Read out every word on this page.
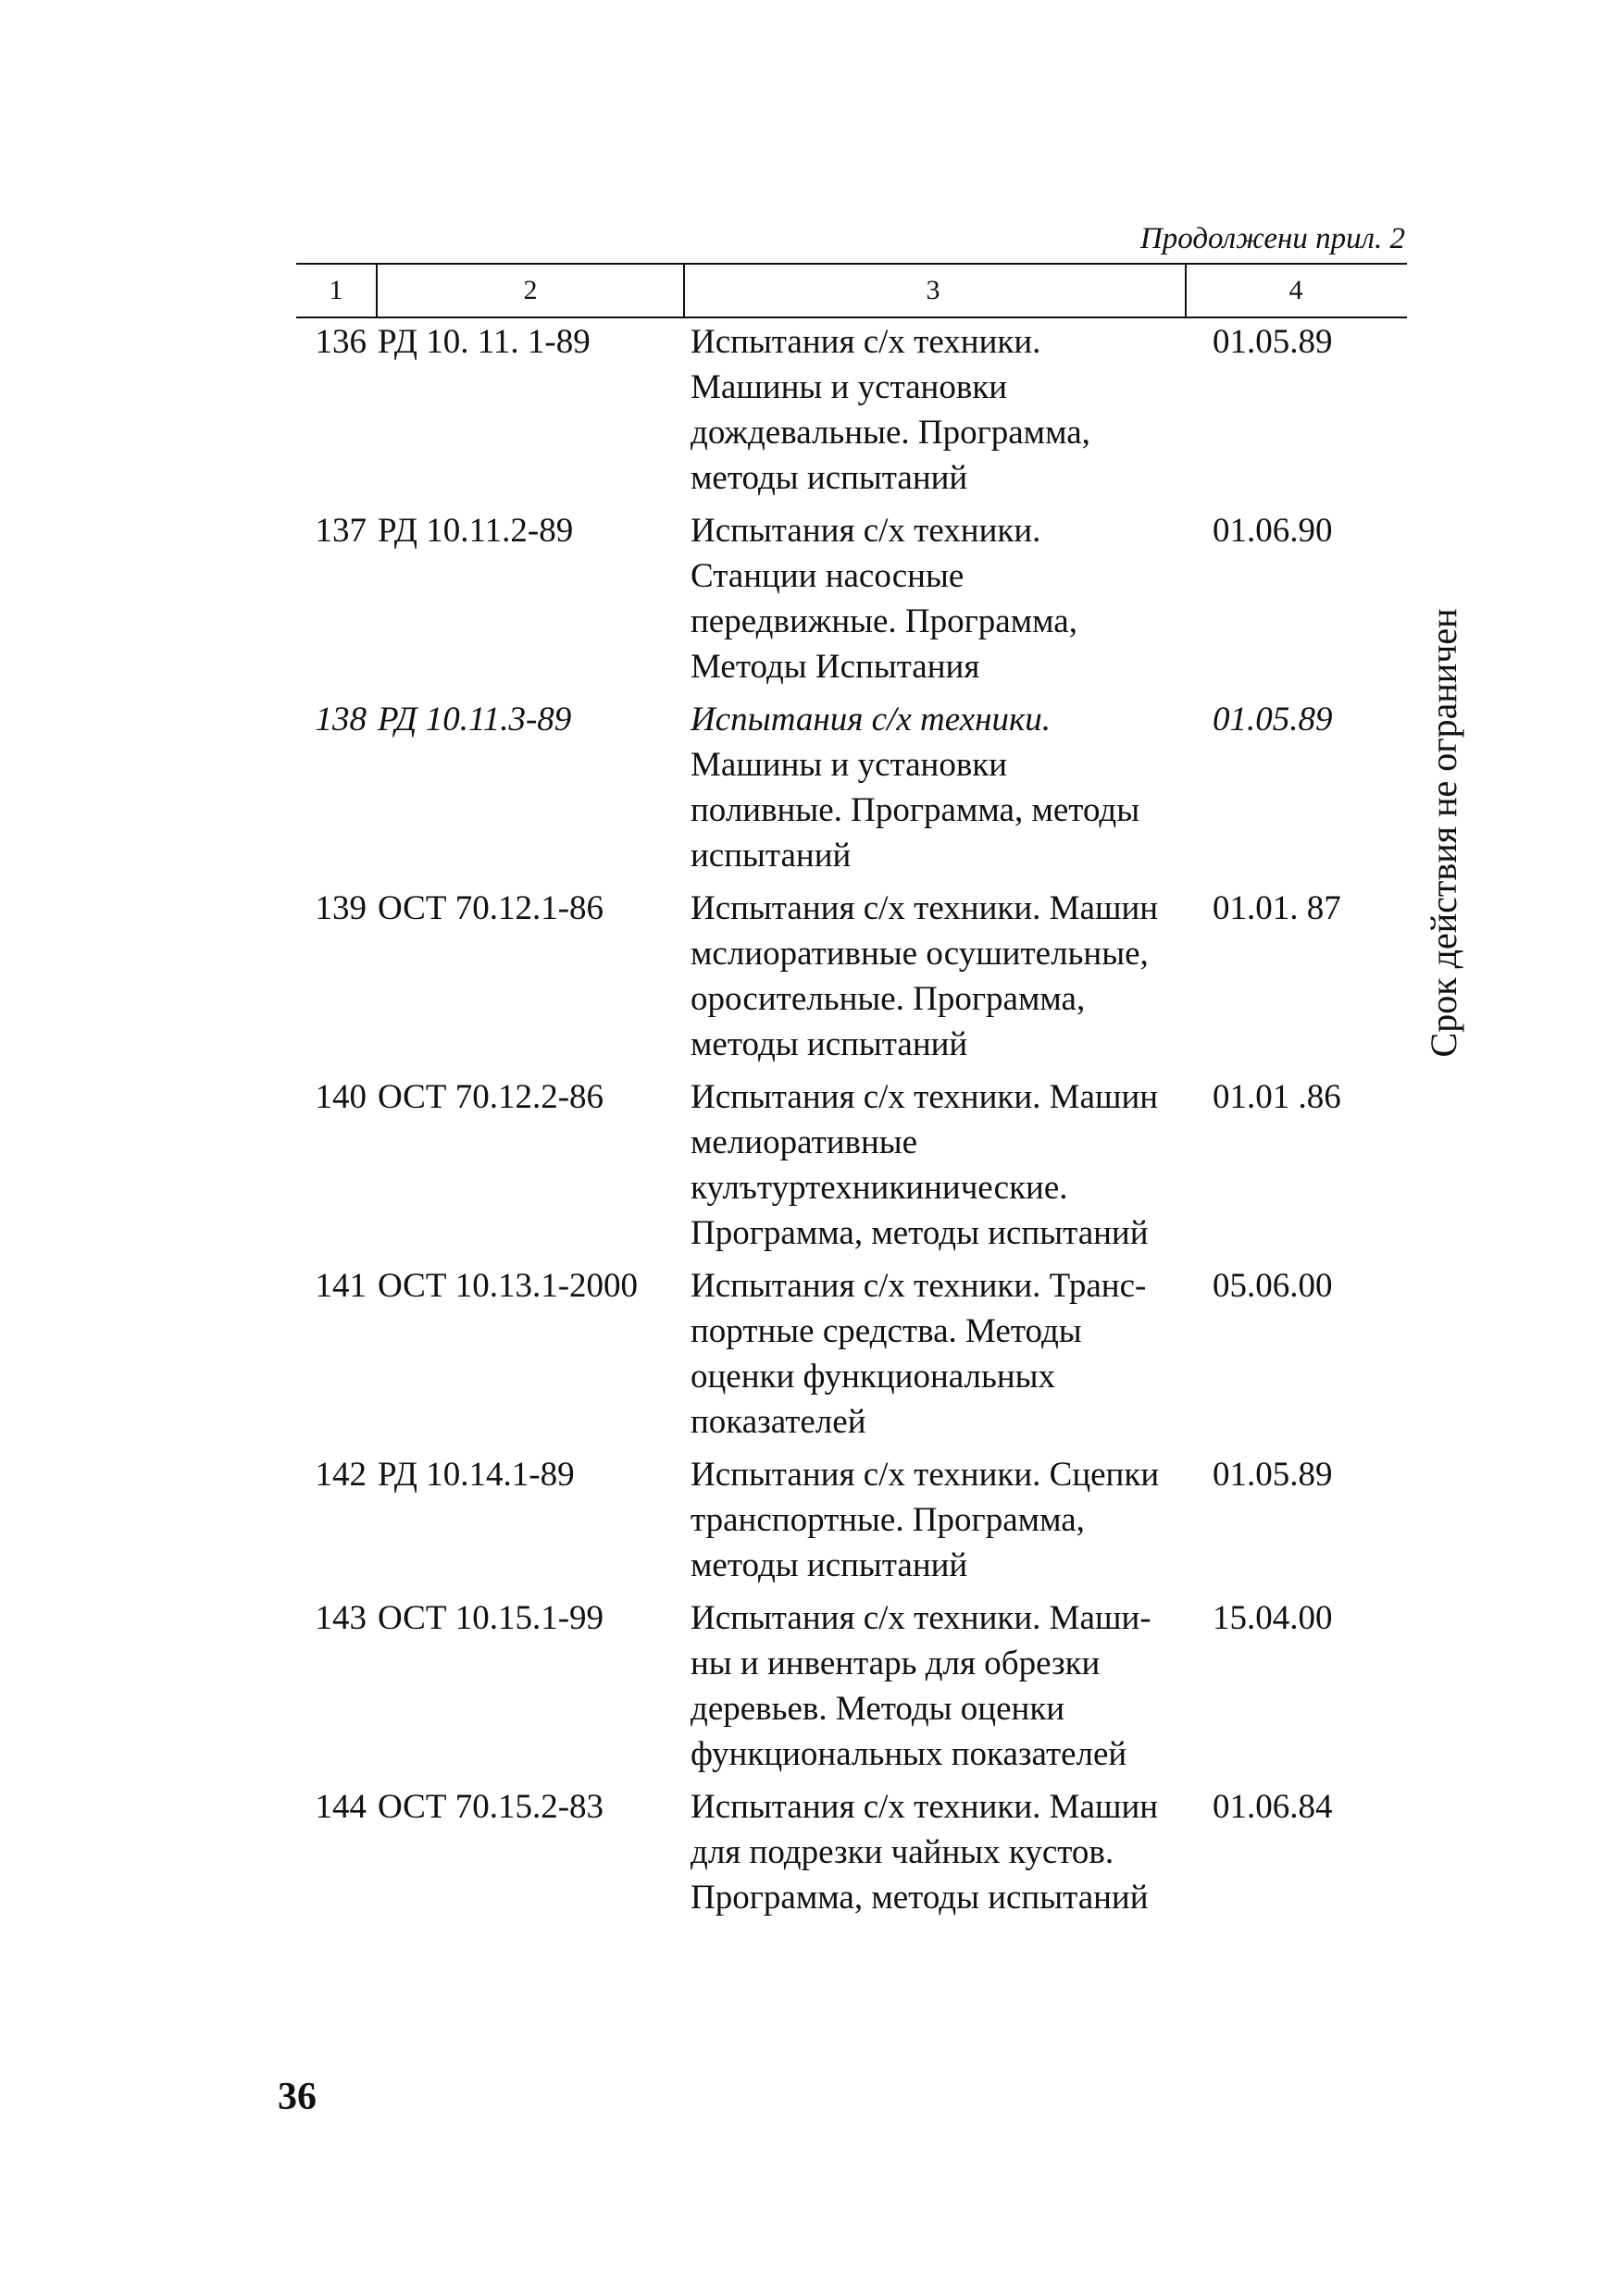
Продолжени прил. 2
1	2	3	4
136 РД 10. 11. 1-89	Испытания с/х техники.
Машины и установки
дождевальные. Программа,
методы испытаний
01.05.89
137 РД 10.11.2-89	Испытания с/х техники.
Станции насосные
передвижные. Программа,
Методы Испытания
01.06.90
138 РД 10.11.3-89	Испытания с/х техники.
Машины и установки
поливные. Программа, методы
испытаний
01.05.89
139 ОСТ 70.12.1-86	Испытания с/х техники. Машин
мслиоративные осушительные,
оросительные. Программа,
методы испытаний
01.01. 87
140 ОСТ 70.12.2-86	Испытания с/х техники. Машин
мелиоративные
кулътуртехникинические.
Программа, методы испытаний
01.01 .86
141 ОСТ 10.13.1-2000	Испытания с/х техники. Транс-
портные средства. Методы
оценки функциональных
показателей
05.06.00
142 РД 10.14.1-89	Испытания с/х техники. Сцепки
транспортные. Программа,
методы испытаний
01.05.89
143 ОСТ 10.15.1-99	Испытания с/х техники. Маши-
ны и инвентарь для обрезки
деревьев. Методы оценки
функциональных показателей
15.04.00
144 ОСТ 70.15.2-83	Испытания с/х техники. Машин
для подрезки чайных кустов.
Программа, методы испытаний
01.06.84
Срок действия не ограничен
36
